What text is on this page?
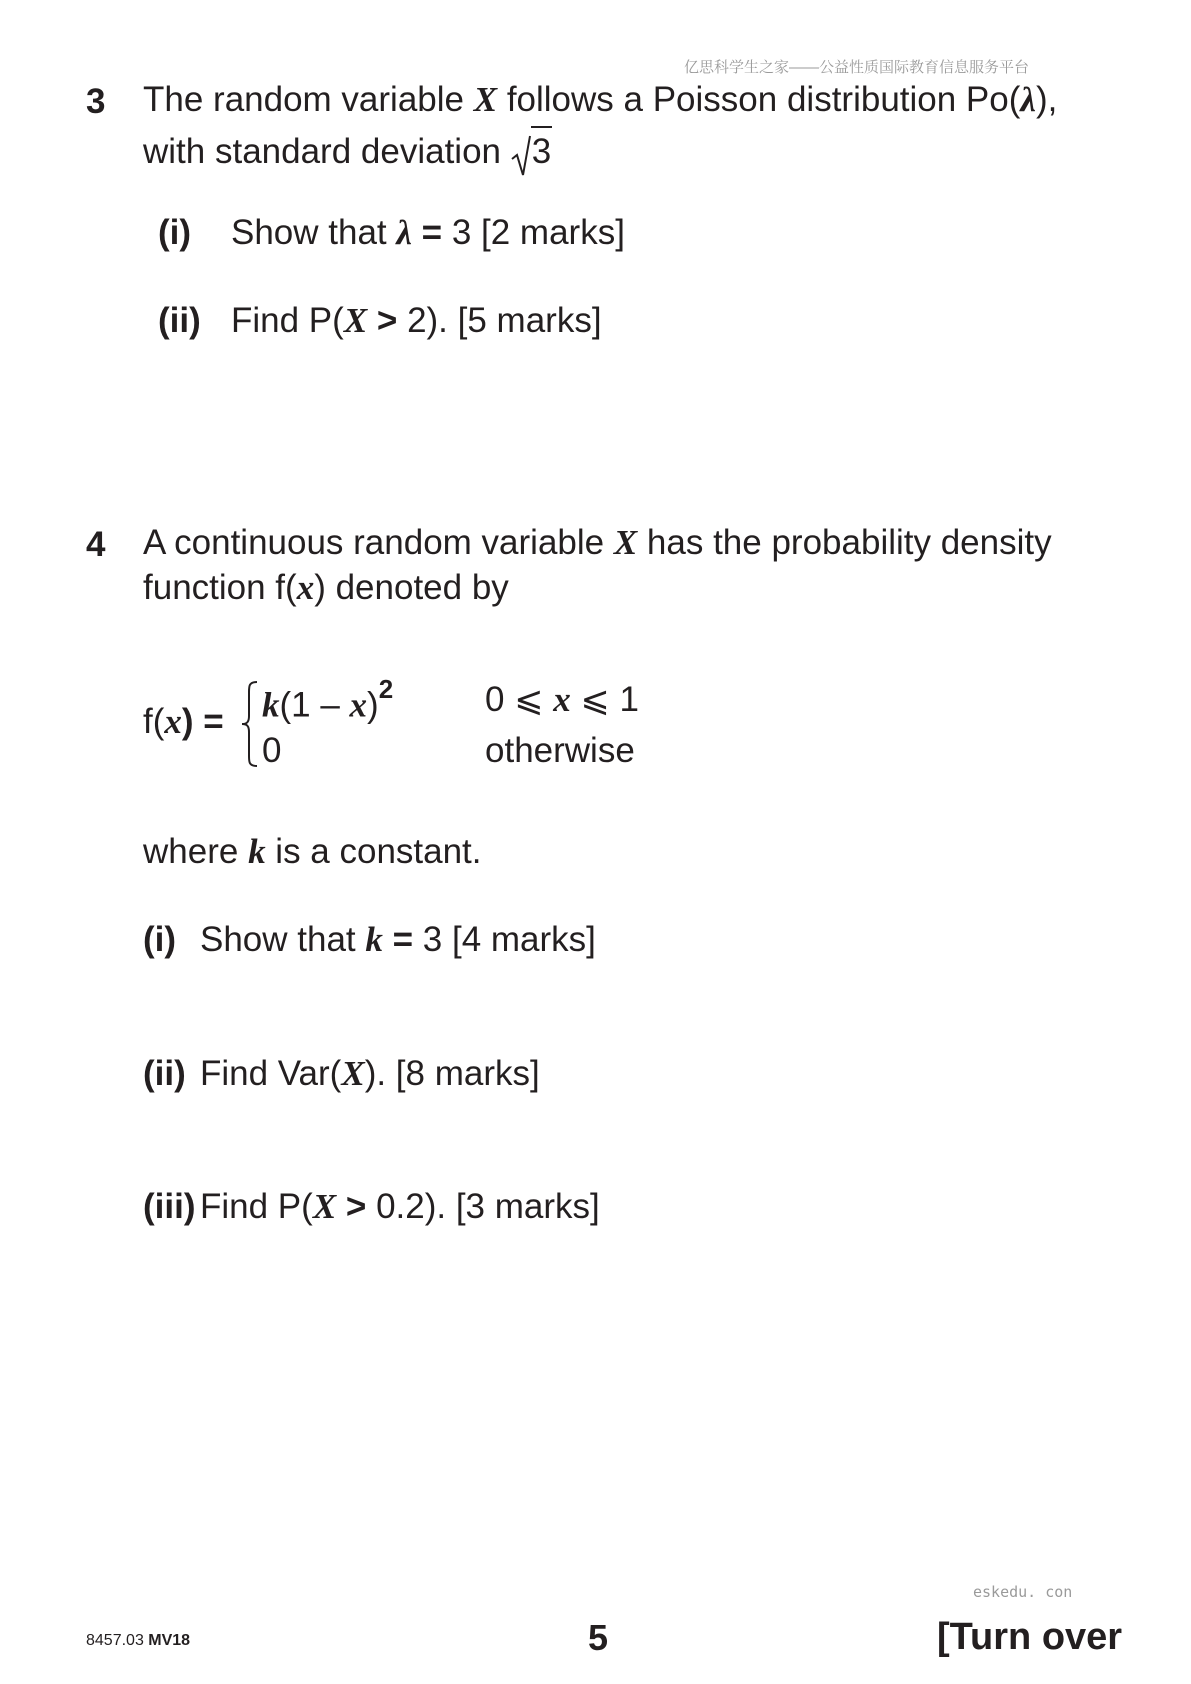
亿思科学生之家——公益性质国际教育信息服务平台
3 The random variable X follows a Poisson distribution Po(λ),
with standard deviation 3
(i) Show that λ = 3 [2 marks]
(ii) Find P(X > 2). [5 marks]
4 A continuous random variable X has the probability density
function f(x) denoted by
f(x) = k(1 – x)$^2$	0 ⩽ x ⩽ 1
0	otherwise
where k is a constant.
(i) Show that k = 3 [4 marks]
(ii) Find Var(X). [8 marks]
(iii) Find P(X > 0.2). [3 marks]
eskedu. con
8457.03 MV18	5	[Turn over
